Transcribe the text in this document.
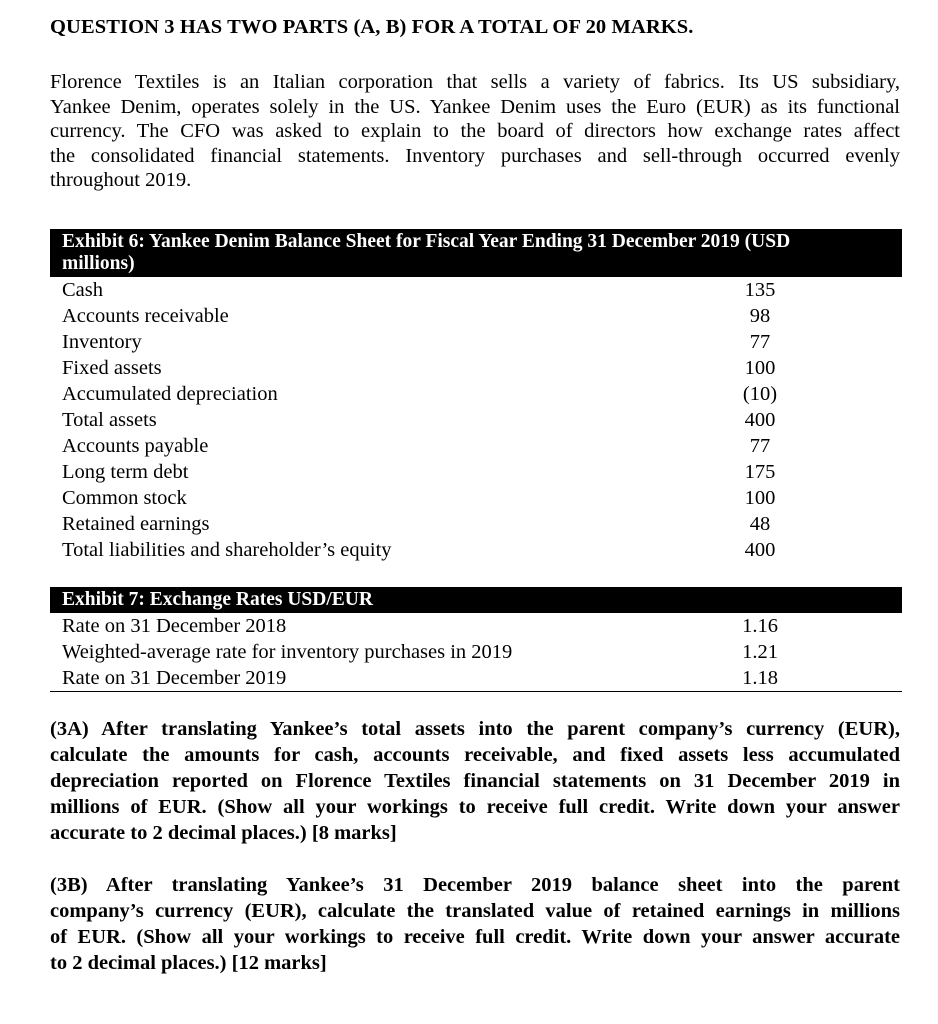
QUESTION 3 HAS TWO PARTS (A, B) FOR A TOTAL OF 20 MARKS.
Florence Textiles is an Italian corporation that sells a variety of fabrics. Its US subsidiary,
Yankee Denim, operates solely in the US. Yankee Denim uses the Euro (EUR) as its functional
currency. The CFO was asked to explain to the board of directors how exchange rates affect
the consolidated financial statements. Inventory purchases and sell-through occurred evenly
throughout 2019.
Exhibit 6: Yankee Denim Balance Sheet for Fiscal Year Ending 31 December 2019 (USD
millions)
Cash	135
Accounts receivable	98
Inventory	77
Fixed assets	100
Accumulated depreciation	(10)
Total assets	400
Accounts payable	77
Long term debt	175
Common stock	100
Retained earnings	48
Total liabilities and shareholder’s equity	400
Exhibit 7: Exchange Rates USD/EUR
Rate on 31 December 2018	1.16
Weighted-average rate for inventory purchases in 2019	1.21
Rate on 31 December 2019	1.18
(3A) After translating Yankee’s total assets into the parent company’s currency (EUR),
calculate the amounts for cash, accounts receivable, and fixed assets less accumulated
depreciation reported on Florence Textiles financial statements on 31 December 2019 in
millions of EUR. (Show all your workings to receive full credit. Write down your answer
accurate to 2 decimal places.) [8 marks]
(3B) After translating Yankee’s 31 December 2019 balance sheet into the parent
company’s currency (EUR), calculate the translated value of retained earnings in millions
of EUR. (Show all your workings to receive full credit. Write down your answer accurate
to 2 decimal places.) [12 marks]
